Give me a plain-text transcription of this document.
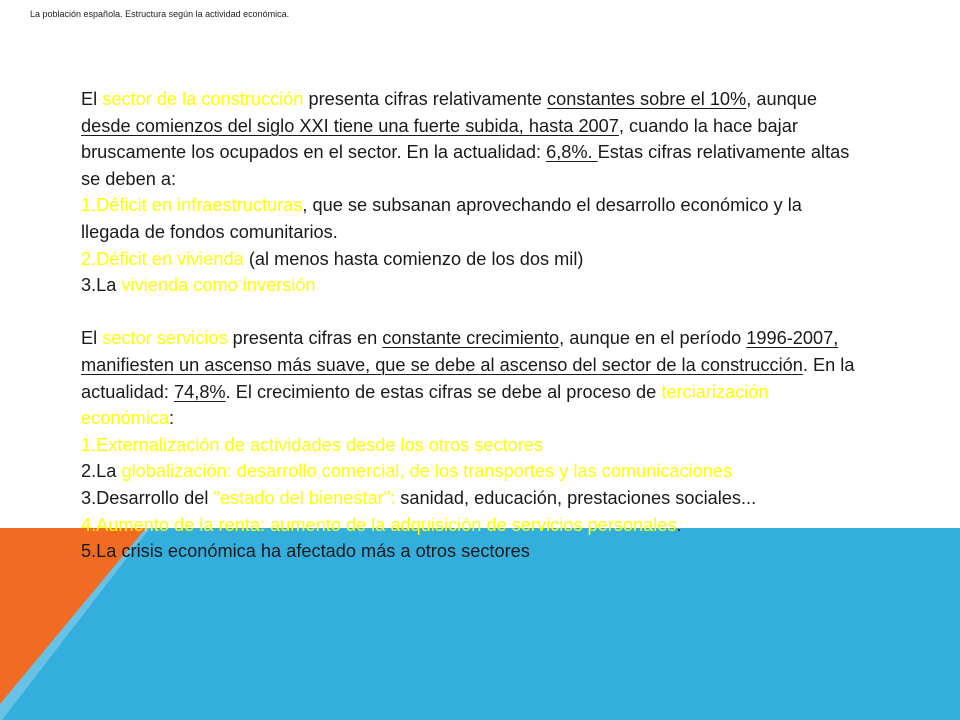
La población española. Estructura según la actividad económica.

El sector de la construcción presenta cifras relativamente constantes sobre el 10%, aunque desde comienzos del siglo XXI tiene una fuerte subida, hasta 2007, cuando la hace bajar bruscamente los ocupados en el sector. En la actualidad: 6,8%. Estas cifras relativamente altas se deben a:

1.Déficit en infraestructuras, que se subsanan aprovechando el desarrollo económico y la llegada de fondos comunitarios.

2.Déficit en vivienda (al menos hasta comienzo de los dos mil)

3.La vivienda como inversión

El sector servicios presenta cifras en constante crecimiento, aunque en el período 1996-2007, manifiesten un ascenso más suave, que se debe al ascenso del sector de la construcción. En la actualidad: 74,8%. El crecimiento de estas cifras se debe al proceso de terciarización económica:

1.Externalización de actividades desde los otros sectores

2.La globalización: desarrollo comercial, de los transportes y las comunicaciones

3.Desarrollo del "estado del bienestar": sanidad, educación, prestaciones sociales...

4.Aumento de la renta: aumento de la adquisición de servicios personales.

5.La crisis económica ha afectado más a otros sectores
